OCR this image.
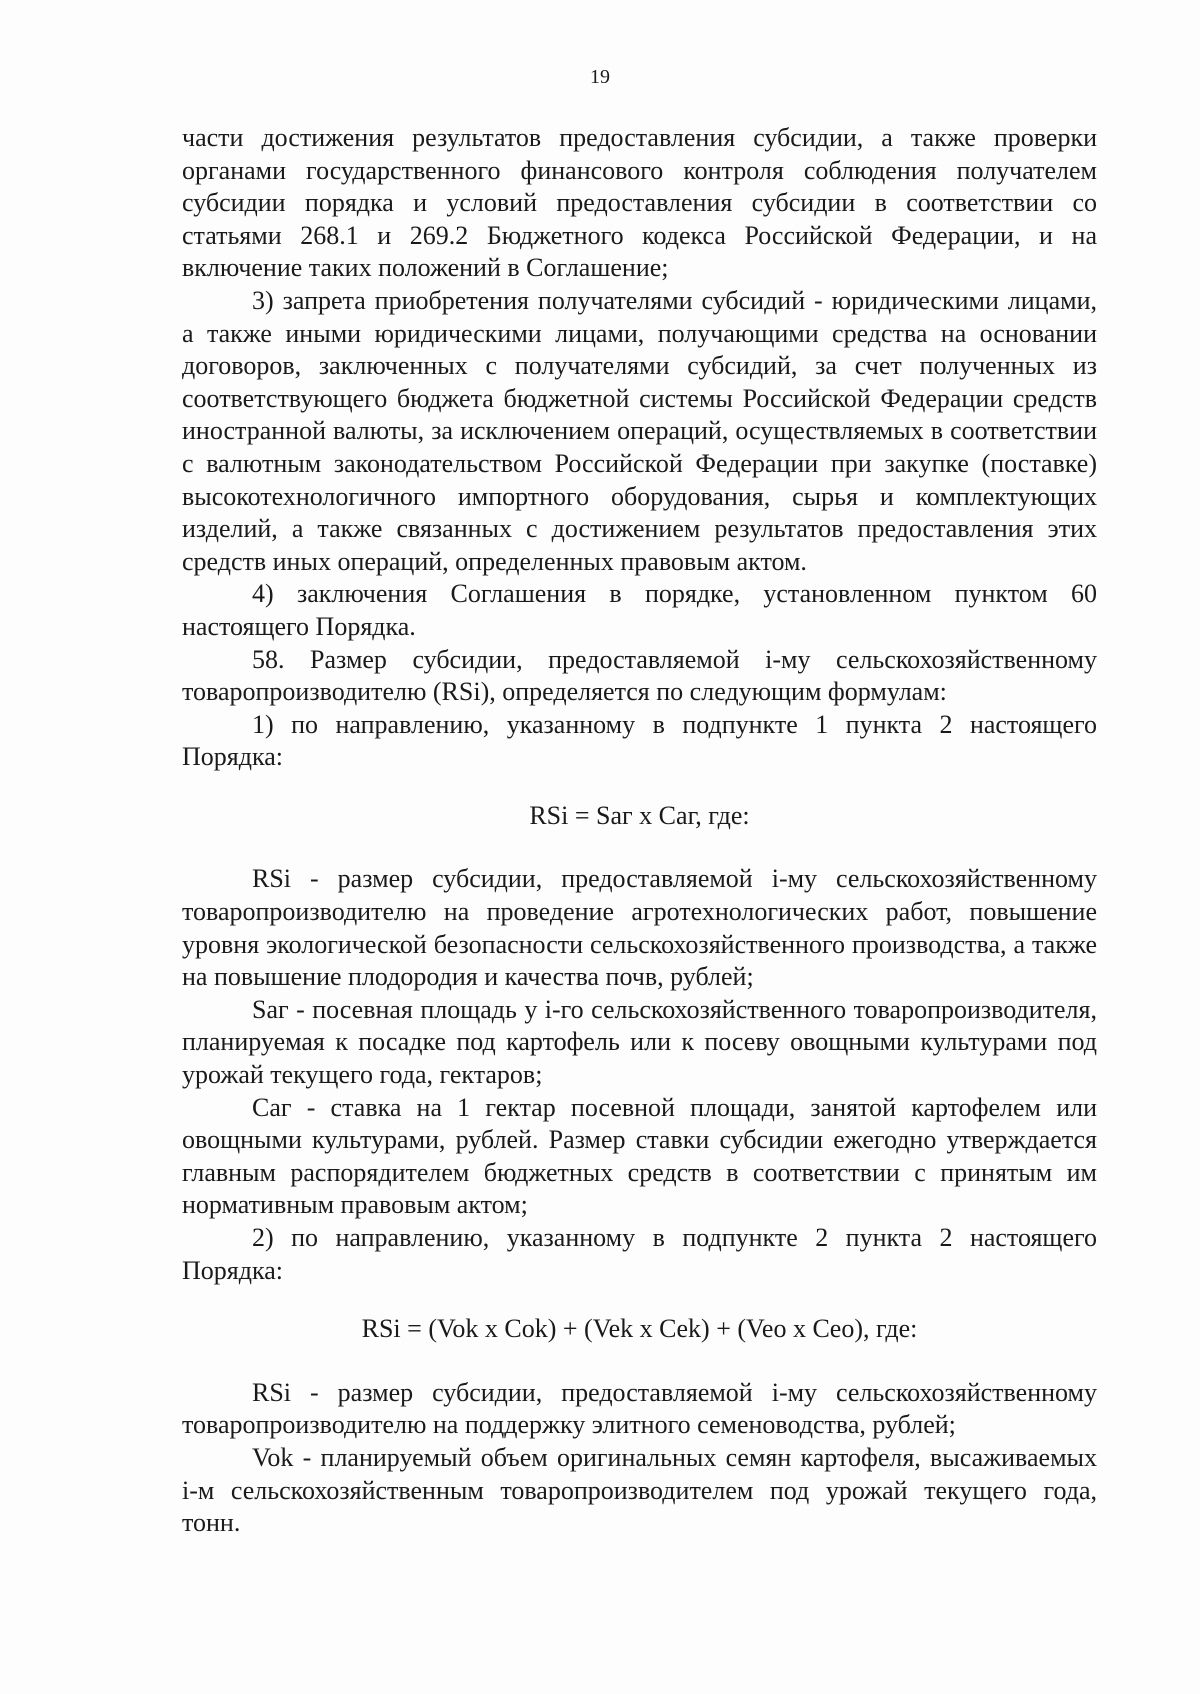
19

части достижения результатов предоставления субсидии, а также проверки органами государственного финансового контроля соблюдения получателем субсидии порядка и условий предоставления субсидии в соответствии со статьями 268.1 и 269.2 Бюджетного кодекса Российской Федерации, и на включение таких положений в Соглашение;

3) запрета приобретения получателями субсидий - юридическими лицами, а также иными юридическими лицами, получающими средства на основании договоров, заключенных с получателями субсидий, за счет полученных из соответствующего бюджета бюджетной системы Российской Федерации средств иностранной валюты, за исключением операций, осуществляемых в соответствии с валютным законодательством Российской Федерации при закупке (поставке) высокотехнологичного импортного оборудования, сырья и комплектующих изделий, а также связанных с достижением результатов предоставления этих средств иных операций, определенных правовым актом.

4) заключения Соглашения в порядке, установленном пунктом 60 настоящего Порядка.

58. Размер субсидии, предоставляемой i-му сельскохозяйственному товаропроизводителю (RSi), определяется по следующим формулам:

1) по направлению, указанному в подпункте 1 пункта 2 настоящего Порядка:

RSi = Saг x Caг, где:

RSi - размер субсидии, предоставляемой i-му сельскохозяйственному товаропроизводителю на проведение агротехнологических работ, повышение уровня экологической безопасности сельскохозяйственного производства, а также на повышение плодородия и качества почв, рублей;

Saг - посевная площадь у i-го сельскохозяйственного товаропроизводителя, планируемая к посадке под картофель или к посеву овощными культурами под урожай текущего года, гектаров;

Caг - ставка на 1 гектар посевной площади, занятой картофелем или овощными культурами, рублей. Размер ставки субсидии ежегодно утверждается главным распорядителем бюджетных средств в соответствии с принятым им нормативным правовым актом;

2) по направлению, указанному в подпункте 2 пункта 2 настоящего Порядка:

RSi = (Vok x Cok) + (Vek x Cek) + (Veo x Ceo), где:

RSi - размер субсидии, предоставляемой i-му сельскохозяйственному товаропроизводителю на поддержку элитного семеноводства, рублей;

Vok - планируемый объем оригинальных семян картофеля, высаживаемых i-м сельскохозяйственным товаропроизводителем под урожай текущего года, тонн.
